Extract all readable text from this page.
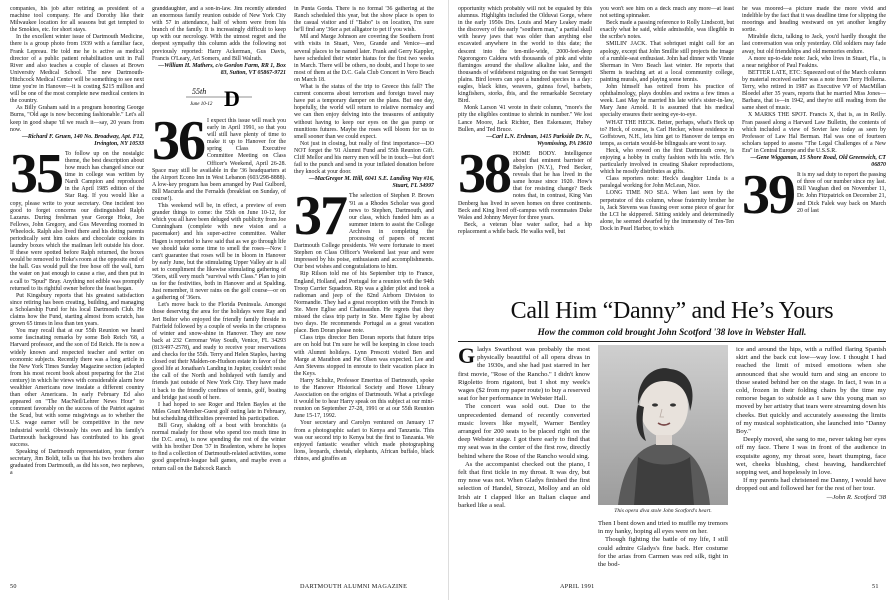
companies, his job after retiring as president of a machine tool company. He and Dorothy like their Milwaukee location for all seasons but get tempted to the Smokies, etc. for short stays.

In the excellent winter issue of Dartmouth Medicine, there is a group photo from 1939 with a familiar face, Frank Lepreau. He told me he is active as medical director of a public patient rehabilitation unit in Fall River and also teaches a couple of classes at Brown University Medical School. The new Dartmouth-Hitchcock Medical Center will be something to see next time you're in Hanover—it is costing $215 million and will be one of the most complete new medical centers in the country.

As Billy Graham said in a program honoring George Burns, "Old age is now becoming fashionable." Let's all keep in good shape 'til we reach it—say, 20 years from now.

—Richard F. Gruen, 140 No. Broadway, Apt. F12, Irvington, NY 10533

35 To follow up on the nostalgic theme, the best description about how much has changed since our time in college was written by Nardi Campion and reproduced in the April 1985 edition of the Star Rag. If you would like a copy, please write to your secretary. One incident too good to forget concerns our distinguished Ralph Lazarus. During freshman year George Hoke, Joe Fellows, John Gregory, and Gus Meverding roomed in Wheelock. Ralph also lived there and his doting parents periodically sent him cakes and chocolate cookies in laundry boxes which the mailman left outside his door. If these were spotted before Ralph returned, the boxes would be removed to Hoke's room at the opposite end of the hall. Gus would pull the free hose off the wall, turn the water on just enough to cause a rise, and then put in a call to "Spud" Bray. Anything not edible was promptly returned to its rightful owner before the feast began.

Put Kingsbury reports that his greatest satisfaction since retiring has been creating, building, and managing a Scholarship Fund for his local Dartmouth Club. He claims how the Fund, starting almost from scratch, has grown 65 times in less than ten years.

You may recall that at our 55th Reunion we heard some fascinating remarks by some Bob Reich '68, a Harvard professor, and the son of Ed Reich. He is now a widely known and respected teacher and writer on economic subjects. Recently there was a long article in the New York Times Sunday Magazine section (adapted from his most recent book about preparing for the 21st century) in which he views with considerable alarm how wealthier Americans now insulate a different country than other Americans. In early February Ed also appeared on "The MacNeil/Lehrer News Hour" to comment favorably on the success of the Patriot against the Scud, but with some misgivings as to whether the U.S. wage earner will be competitive in the new industrial world. Obviously his own and his family's Dartmouth background has contributed to his great success.

Speaking of Dartmouth representation, your former secretary, Jim Boldt, tells us that his two brothers also graduated from Dartmouth, as did his son, two nephews, a

granddaughter, and a son-in-law. Jim recently attended an enormous family reunion outside of New York City with 57 in attendance, half of whom were from his branch of the family. It is increasingly difficult to keep up with our necrology. With the utmost regret and the deepest sympathy this column adds the following not previously reported: Harry Ackerman, Gus Davis, Francis O'Leary, Art Somers, and Bill Walrath.

—William H. Mathers, c/o Gordon Farm, RR 1, Box 83, Sutton, VT 05867-9721

55th
June 10-12 D
36 I expect this issue will reach you early in April 1991, so that you will still have plenty of time to make it up to Hanover for the spring Class Executive Committee Meeting on Class Officer's Weekend, April 26-28. Space may still be available in the '36 headquarters at the Airport Econo Inn in West Lebanon (603/298-8888). A low-key program has been arranged by Paul Gulbord, Bill Macurda and the Fernalds (breakfast on Sunday, of course!).

This weekend will be, in effect, a preview of even grander things to come: the 55th on June 10-12, for which you all have been deluged with publicity from Joe Cunningham (complete with new vision and a pacemaker) and his super-active committee. Walter Hagen is reported to have said that as we go through life we should take some time to smell the roses—Now I can't guarantee that roses will be in bloom in Hanover by early June, but the stimulating Upper Valley air is all set to compliment the likewise stimulating gathering of '36ers, still very much "survival with Class." Plan to join us for the festivities, both in Hanover and at Spalding. Just remember, it never rains on the golf course—or on a gathering of '36ers.

Let's move back to the Florida Peninsula. Amongst those deserving the area for the holidays were Ray and Jeri Bulter who enjoyed the friendly family fireside in Fairfield followed by a couple of weeks in the crispness of winter and snow-shine in Hanover. They are now back at 232 Cerromar Way South, Venice, FL 34293 (813/497-2578), and ready to receive your reservations and checks for the 55th. Terry and Helen Staples, having closed out their Malden-on-Hudson estate in favor of the good life at Jonathan's Landing in Jupiter, couldn't resist the call of the North and holidayed with family and friends just outside of New York City. They have made it back to the friendly confines of tennis, golf, boating and bridge just south of here.

I had hoped to see Roger and Helen Bayles at the Miles Grant Member-Guest golf outing late in February, but scheduling difficulties prevented his participation.

Bill Gray, shaking off a bout with bronchitis (a normal malady for those who spend too much time in the D.C. area), is now spending the rest of the winter with his brother Don '37 in Bradenton, where he hopes to find a collection of Dartmouth-related activities, some good grapefruit-league ball games, and maybe even a return call on the Babcock Ranch

in Punta Gorda. There is no formal '36 gathering at the Ranch scheduled this year, but the show place is open to the casual visitor and if "Babo" is on location, I'm sure he'll find any '36er a pet alligator to pet if you wish.

Mil and Marge Johnson are covering the Southern front with visits in Stuart, Vero, Grande and Venice—and several places to be named later. Frank and Gerry Kappler, have scheduled their winter hiatus for the first two weeks in March. There will be others, no doubt, and I hope to see most of them at the D.C. Gala Club Concert in Vero Beach on March 18.

What is the status of the trip to Greece this fall? The current concerns about terrorism and foreign travel may have put a temporary damper on the plans. But one day, hopefully, the world will return to relative normalcy and we can then enjoy delving into the treasures of antiquity without having to keep our eyes on the gas pump or munitions futures. Maybe the roses will bloom for us to smell sooner than we could expect.

Not just in closing, but really of first importance—DO NOT forget the '91 Alumni Fund and 55th Reunion Gift. Cliff Mellor and his merry men will be in touch—but don't fail to the punch and send in your inflated donation before they knock at your door.

—MacGregor M. Hill, 6041 S.E. Landing Way #16, Stuart, FL 34997

37 The selection of Stephen P. Brown '91 as a Rhodes Scholar was good news to Stephen, Dartmouth, and our class, which funded him as a summer intern to assist the College Archives in completing the processing of papers of recent Dartmouth College presidents. We were fortunate to meet Stephen on Class Officer's Weekend last year and were impressed by his poise, enthusiasm and accomplishments. Our best wishes and congratulations to him.

Rip Rilson told me of his September trip to France, England, Holland, and Portugal for a reunion with the 94th Troop Carrier Squadron. Rip was a glider pilot and took a radioman and jeep of the 82nd Airborn Division to Normandie. They had a great reception with the French in Ste. Mere Eglise and Chatteaudun. He regrets that they missed the class trip party in Ste. Mere Eglise by about two days. He recommends Portugal as a great vacation place. Ben Doran please note.

Class trips director Ben Doran reports that future trips are on hold but I'm sure he will be keeping in close touch with Alumni holidays. Lynn Prescott visited Ben and Marge at Marathon and Pat Olsen was expected. Lee and Ann Stevens stopped in enroute to their vacation place in the Keys.

Harry Schultz, Professor Emeritus of Dartmouth, spoke to the Hanover Historical Society and Howe Library Association on the origins of Dartmouth. What a privilege it would be to hear Harry speak on this subject at our mini-reunion on September 27-28, 1991 or at our 55th Reunion June 15-17, 1992.

Your secretary and Carolyn ventured on January 17 from a photographic safari to Kenya and Tanzania. This was our second trip to Kenya but the first to Tanzania. We enjoyed fantastic weather which made photographing lions, leopards, cheetah, elephants, African buffalo, black rhinos, and giraffes an

50	DARTMOUTH ALUMNI MAGAZINE

opportunity which probably will not be equaled by this alumnus. Highlights included the Olduvai Gorge, where in the early 1950s Drs. Louis and Mary Leakey made the discovery of the early "southern man," a partial skull with heavy jaws that was older than anything else excavated anywhere in the world to this date; the descent into the ten-mile-wide, 2000-feet-deep Ngorongoro Caldera with thousands of pink and white flamingos around the shallow alkaline lake, and the thousands of wildebeest migrating on the vast Serengeti plains. Bird lovers can spot a hundred species in a day: eagles, black kites, weavers, guinea fowl, barbets, kingfishers, storks, ibis, and the remarkable Secretary Bird.

Monk Larson '41 wrote in their column, "more's the pity the eligibles continue to shrink in number." We lost Lance Moore, Jack Richter, Ben Eskenazer, Hubey Bullen, and Ted Bruce.

—Carl L.N. Erdman, 1415 Parkside Dr. N., Wyomissing, PA 19610

38 HOME BODY. Intelligence about that eminent barrister of Babylon (N.Y.), Fred Becker, reveals that he has lived in the same house since 1920. How's that for resisting change? Beck notes that, in contrast, King Van Denberg has lived in seven homes on three continents. Beck and King lived off-campus with roommates Duke Wales and Johnny Meyer for three years.

Beck, a veteran blue water sailor, had a hip replacement a while back. He walks well, but

you won't see him on a deck much any more—at least not setting spinnaker.

Beck made a passing reference to Rolly Lindscott, but exactly what he said, while admissible, was illegible in the scribe's notes.

SMILIN' JACK. That sobriquet might call for an apology, except that John Smillie still projects the image of a rumble-seat enthusiast. John had dinner with Vinnie Sherman in Vero Beach last winter. He reports that Sherm is teaching art at a local community college, painting murals, and playing some tennis.

John himself has retired from his practice of ophthalmology, plays doubles and swims a few times a week. Last May he married his late wife's sister-in-law, Mary Jane Arnold. It is assumed that his medical specialty ensures their seeing eye-to-eye.

WHAT THE HECK. Better, perhaps, what's Heck up to? Heck, of course, is Carl Hecker, whose residence in Goffstown, N.H., lets him get to Hanover de temps en temps, as certain would-be bilinguals are wont to say.

Heck, who rowed on the first Dartmouth crew, is enjoying a hobby in crafty fashion with his wife. He's particularly involved in creating Shaker reproductions, which he mostly distributes as gifts.

Class reporters note: Heck's daughter Linda is a paralegal working for John McLean, Nice.

LONG TIME NO SEA. When last seen by the perpetrator of this column, whose fraternity brother he is, Jack Stevens was fussing over some piece of gear for the LCI he skippered. Sitting snidely and determinedly alone, he seemed dwarfed by the immensity of Ten-Ten Dock in Pearl Harbor, to which

he was moored—a picture made the more vivid and indelible by the fact that it was deadline time for slipping the moorings and heading westward on yet another lengthy sortie.

Mirabile dictu, talking to Jack, you'd hardly thought the last conversation was only yesterday. Old soldiers may fade away, but old friendships and old memories endure.

A more up-to-date note: Jack, who lives in Stuart, Fla., is a near neighbor of Paul Feakins.

BETTER LATE, ETC: Squeezed out of the March column by material received earlier was a note from Terry Hollerna. Terry, who retired in 1987 as Executive VP of MacMillan Bloedel after 35 years, reports that he married Miss Jones—Barbara, that is—in 1942, and they're still reading from the same sheet of music.

X MARKS THE SPOT. Francis X, that is, as in Reilly. Fran passed along a Harvard Law Bulletin, the contents of which included a view of Sovier law today as seen by Professor of Law Hal Berman. Hal was one of fourteen scholars tapped to assess "The Legal Challenges of a New Era" in Central Europe and the U.S.S.R.

—Gene Wiggaman, 15 Shore Road, Old Greenwich, CT 06870

39 It is my sad duty to report the passing of three of our number since my last. Bill Vaughan died on November 11, Dr. John Fitzpatrick on December 21, and Dick Falek way back on March 20 of last

Call Him “Danny” and He’s Yours
How the common cold brought John Scotford '38 love in Webster Hall.

Gladys Swarthout was probably the most physically beautiful of all opera divas in the 1930s, and she had just starred in her first movie, "Rose of the Rancho." I didn't know Rigoletto from rigatoni, but I shot my week's wages ($2 from my paper route) to buy a reserved seat for her performance in Webster Hall.

The concert was sold out. Due to the unprecedented demand of recently converted music lovers like myself, Warner Bentley arranged for 200 seats to be placed right on the deep Webster stage. I got there early to find that my seat was in the center of the first row, directly behind where the Rose of the Rancho would sing.

As the accompanist checked out the piano, I felt that first tickle in my throat. It was dry, but my nose was not. When Gladys finished the first selection of Handel, Strozzi, Molloy and an old Irish air I clapped like an Italian claque and barked like a seal.

This opera diva stole John Scotford's heart.

Then I bent down and tried to muffle my tremors in my hanky, hoping all eyes were on her.

Though fighting the battle of my life, I still could admire Gladys's fine back. Her costume for the arias from Carmen was red silk, tight in the bod-

ice and around the hips, with a ruffled flaring Spanish skirt and the back cut low—way low. I thought I had reached the limit of mixed emotions when she announced that she would turn and sing an encore to those seated behind her on the stage. In fact, I was in a cold, frozen in their folding chairs by the time my remorse began to subside as I saw this young man so moved by her artistry that tears were streaming down his cheeks. But quickly and accurately assessing the limits of my musical sophistication, she launched into "Danny Boy."

Deeply moved, she sang to me, never taking her eyes off my face. There I was in front of the audience in exquisite agony, my throat sore, heart thumping, face wet, cheeks blushing, chest heaving, handkerchief sopping wet, and hopelessly in love.

If my parents had christened me Danny, I would have dropped out and followed her for the rest of her tour.

—John R. Scotford '38

APRIL 1991	51
